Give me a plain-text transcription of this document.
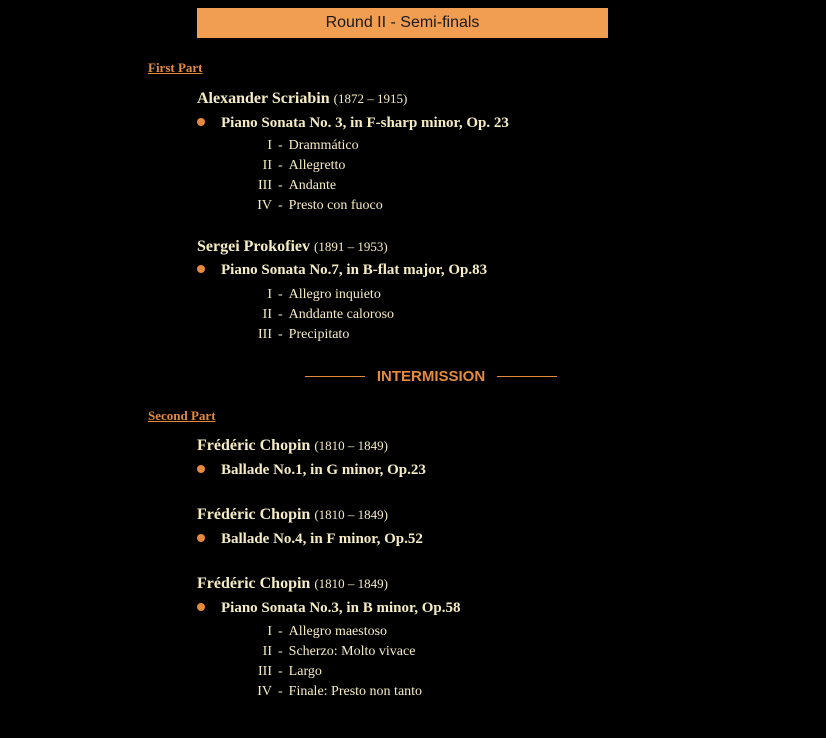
Round II - Semi-finals
First Part
Alexander Scriabin (1872 – 1915)
Piano Sonata No. 3, in F-sharp minor, Op. 23
I - Drammático
II - Allegretto
III - Andante
IV - Presto con fuoco
Sergei Prokofiev (1891 – 1953)
Piano Sonata No.7, in B-flat major, Op.83
I - Allegro inquieto
II - Anddante caloroso
III - Precipitato
INTERMISSION
Second Part
Frédéric Chopin (1810 – 1849)
Ballade No.1, in G minor, Op.23
Frédéric Chopin (1810 – 1849)
Ballade No.4, in F minor, Op.52
Frédéric Chopin (1810 – 1849)
Piano Sonata No.3, in B minor, Op.58
I - Allegro maestoso
II - Scherzo: Molto vivace
III - Largo
IV - Finale: Presto non tanto
